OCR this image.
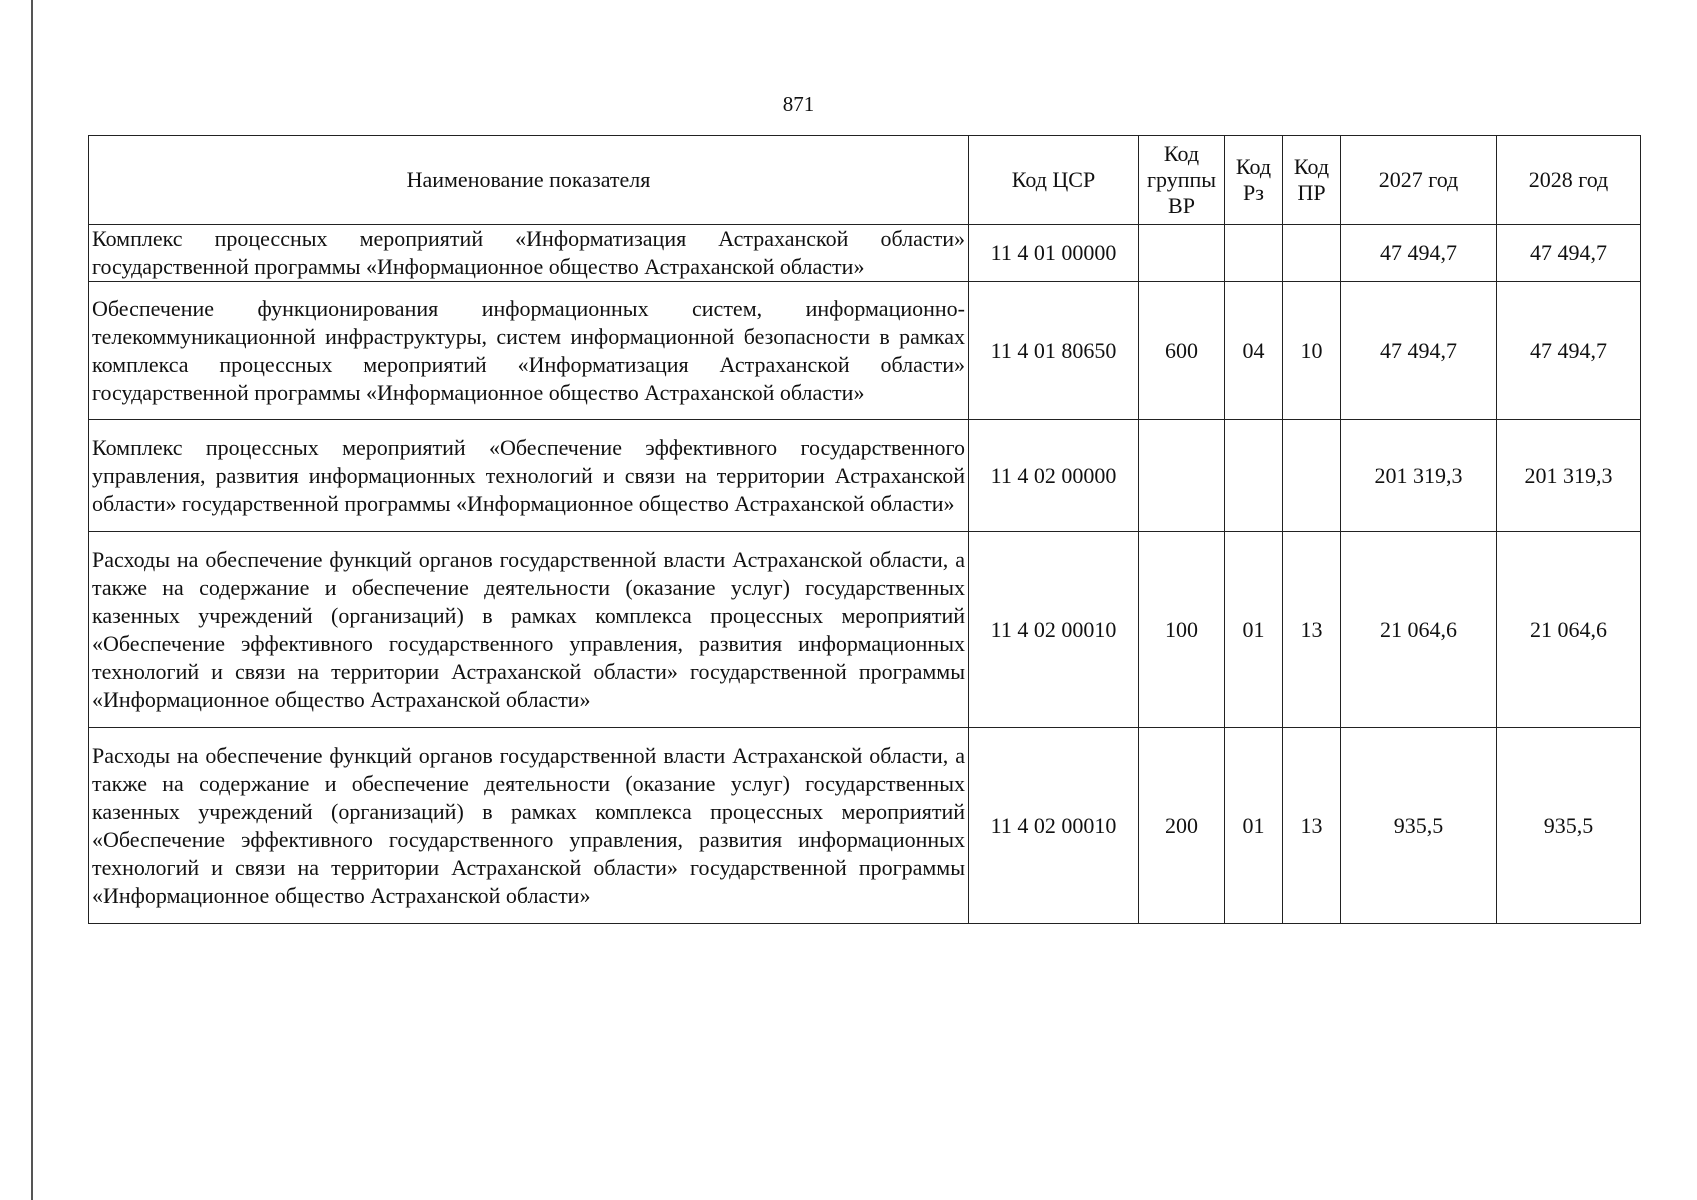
871
Наименование показателя	Код ЦСР	Код группы ВР	Код Рз	Код ПР	2027 год	2028 год
Комплекс процессных мероприятий «Информатизация Астраханской области» государственной программы «Информационное общество Астраханской области»	11 4 01 00000				47 494,7	47 494,7
Обеспечение функционирования информационных систем, информационно-телекоммуникационной инфраструктуры, систем информационной безопасности в рамках комплекса процессных мероприятий «Информатизация Астраханской области» государственной программы «Информационное общество Астраханской области»	11 4 01 80650	600	04	10	47 494,7	47 494,7
Комплекс процессных мероприятий «Обеспечение эффективного государственного управления, развития информационных технологий и связи на территории Астраханской области» государственной программы «Информационное общество Астраханской области»	11 4 02 00000				201 319,3	201 319,3
Расходы на обеспечение функций органов государственной власти Астраханской области, а также на содержание и обеспечение деятельности (оказание услуг) государственных казенных учреждений (организаций) в рамках комплекса процессных мероприятий «Обеспечение эффективного государственного управления, развития информационных технологий и связи на территории Астраханской области» государственной программы «Информационное общество Астраханской области»	11 4 02 00010	100	01	13	21 064,6	21 064,6
Расходы на обеспечение функций органов государственной власти Астраханской области, а также на содержание и обеспечение деятельности (оказание услуг) государственных казенных учреждений (организаций) в рамках комплекса процессных мероприятий «Обеспечение эффективного государственного управления, развития информационных технологий и связи на территории Астраханской области» государственной программы «Информационное общество Астраханской области»	11 4 02 00010	200	01	13	935,5	935,5
